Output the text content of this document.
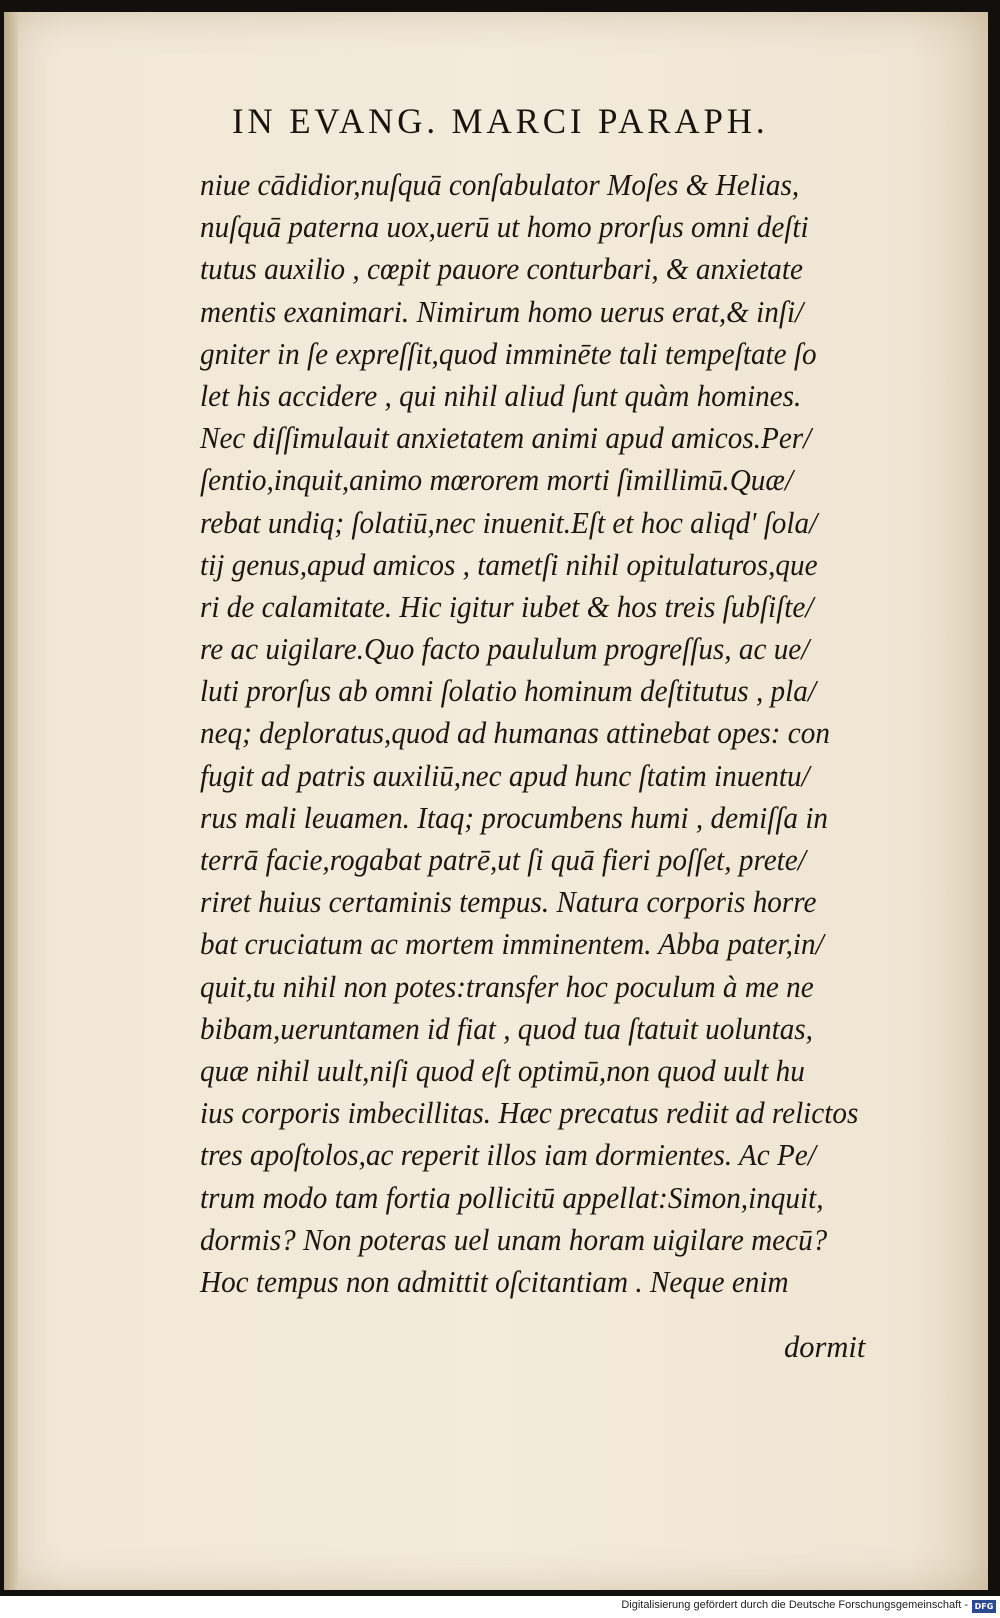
IN EVANG. MARCI PARAPH.
niue cādidior,nuſquā conſabulator Moſes & Helias,
nuſquā paterna uox,uerū ut homo prorſus omni deſti
tutus auxilio , cœpit pauore conturbari, & anxietate
mentis exanimari. Nimirum homo uerus erat,& inſi/
gniter in ſe expreſſit,quod imminēte tali tempeſtate ſo
let his accidere , qui nihil aliud ſunt quàm homines.
Nec diſſimulauit anxietatem animi apud amicos.Per/
ſentio,inquit,animo mœrorem morti ſimillimū.Quæ/
rebat undiq; ſolatiū,nec inuenit.Eſt et hoc aliqd' ſola/
tij genus,apud amicos , tametſi nihil opitulaturos,que
ri de calamitate. Hic igitur iubet & hos treis ſubſiſte/
re ac uigilare.Quo facto paululum progreſſus, ac ue/
luti prorſus ab omni ſolatio hominum deſtitutus , pla/
neq; deploratus,quod ad humanas attinebat opes: con
fugit ad patris auxiliū,nec apud hunc ſtatim inuentu/
rus mali leuamen. Itaq; procumbens humi , demiſſa in
terrā facie,rogabat patrē,ut ſi quā fieri poſſet, prete/
riret huius certaminis tempus. Natura corporis horre
bat cruciatum ac mortem imminentem. Abba pater,in/
quit,tu nihil non potes:transfer hoc poculum à me ne
bibam,ueruntamen id fiat , quod tua ſtatuit uoluntas,
quæ nihil uult,niſi quod eſt optimū,non quod uult hu
ius corporis imbecillitas. Hæc precatus rediit ad relictos
tres apoſtolos,ac reperit illos iam dormientes. Ac Pe/
trum modo tam fortia pollicitū appellat:Simon,inquit,
dormis? Non poteras uel unam horam uigilare mecū?
Hoc tempus non admittit oſcitantiam . Neque enim
dormit
Digitalisierung gefördert durch die Deutsche Forschungsgemeinschaft - DFG
